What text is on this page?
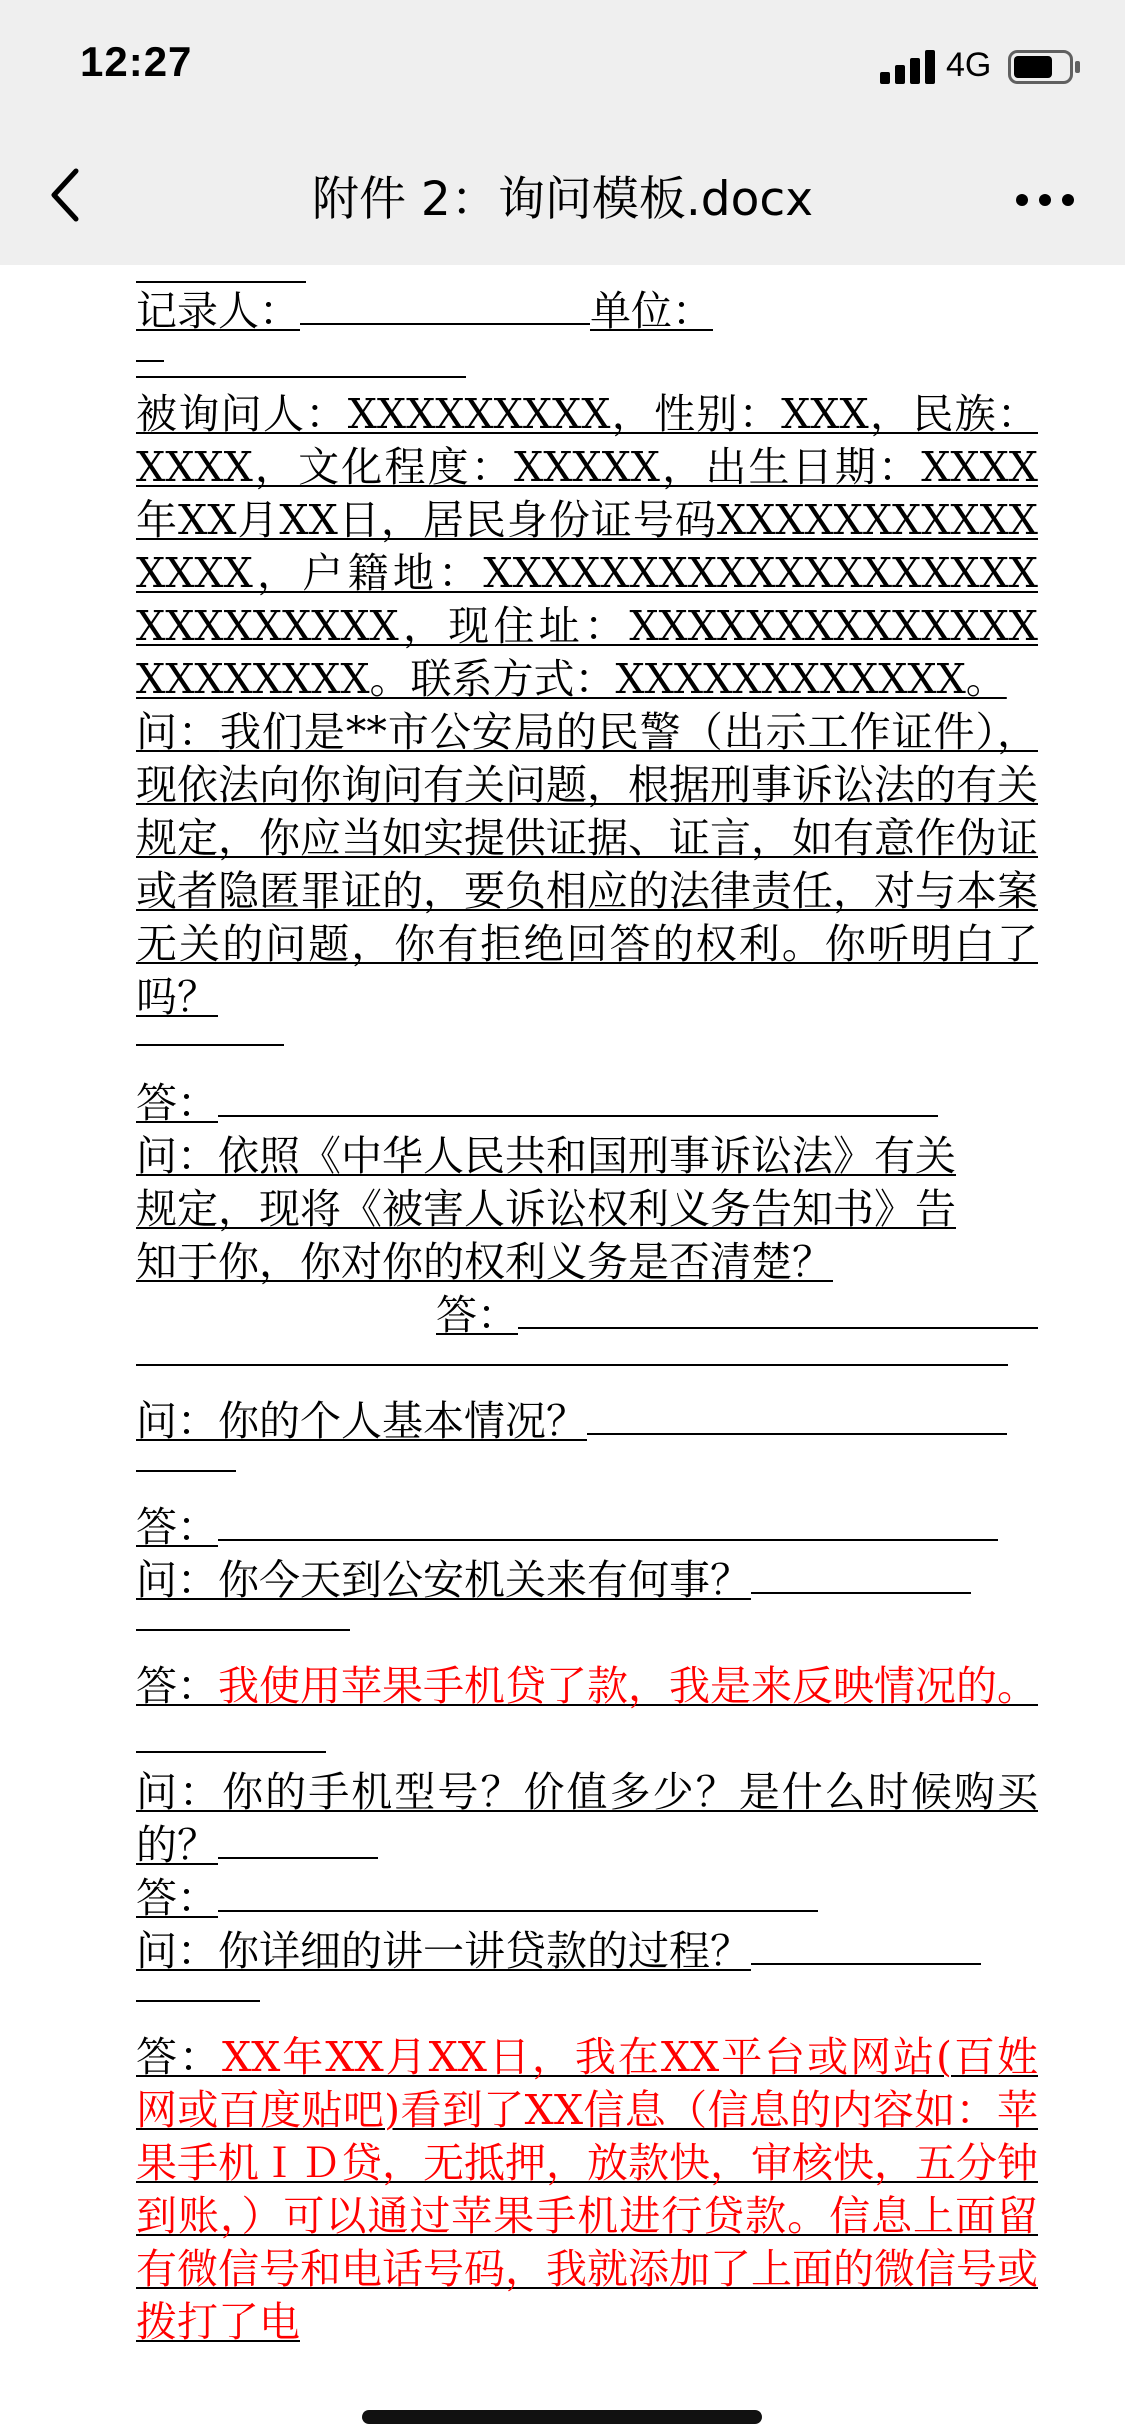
12:27	4G
附件 2：询问模板.docx
记录人：	单位：
被询问人：XXXXXXXXX，性别：XXX，民族：XXXX，文化程度：XXXXX，出生日期：XXXX年XX月XX日，居民身份证号码XXXXXXXXXXXXXXX，户籍地：XXXXXXXXXXXXXXXXXXXXXXXXXXXX，现住址：XXXXXXXXXXXXXXXXXXXXXX。联系方式：XXXXXXXXXXXX。
问：我们是**市公安局的民警（出示工作证件），现依法向你询问有关问题，根据刑事诉讼法的有关规定，你应当如实提供证据、证言，如有意作伪证或者隐匿罪证的，要负相应的法律责任，对与本案无关的问题，你有拒绝回答的权利。你听明白了吗？
答：
问：依照《中华人民共和国刑事诉讼法》有关规定，现将《被害人诉讼权利义务告知书》告知于你，你对你的权利义务是否清楚？
答：
问：你的个人基本情况？
答：
问：你今天到公安机关来有何事？
答：我使用苹果手机贷了款，我是来反映情况的。
问：你的手机型号？价值多少？是什么时候购买的？
答：
问：你详细的讲一讲贷款的过程？
答：XX年XX月XX日，我在XX平台或网站(百姓网或百度贴吧)看到了XX信息（信息的内容如：苹果手机ＩＤ贷，无抵押，放款快，审核快，五分钟到账，）可以通过苹果手机进行贷款。信息上面留有微信号和电话号码，我就添加了上面的微信号或拨打了电
